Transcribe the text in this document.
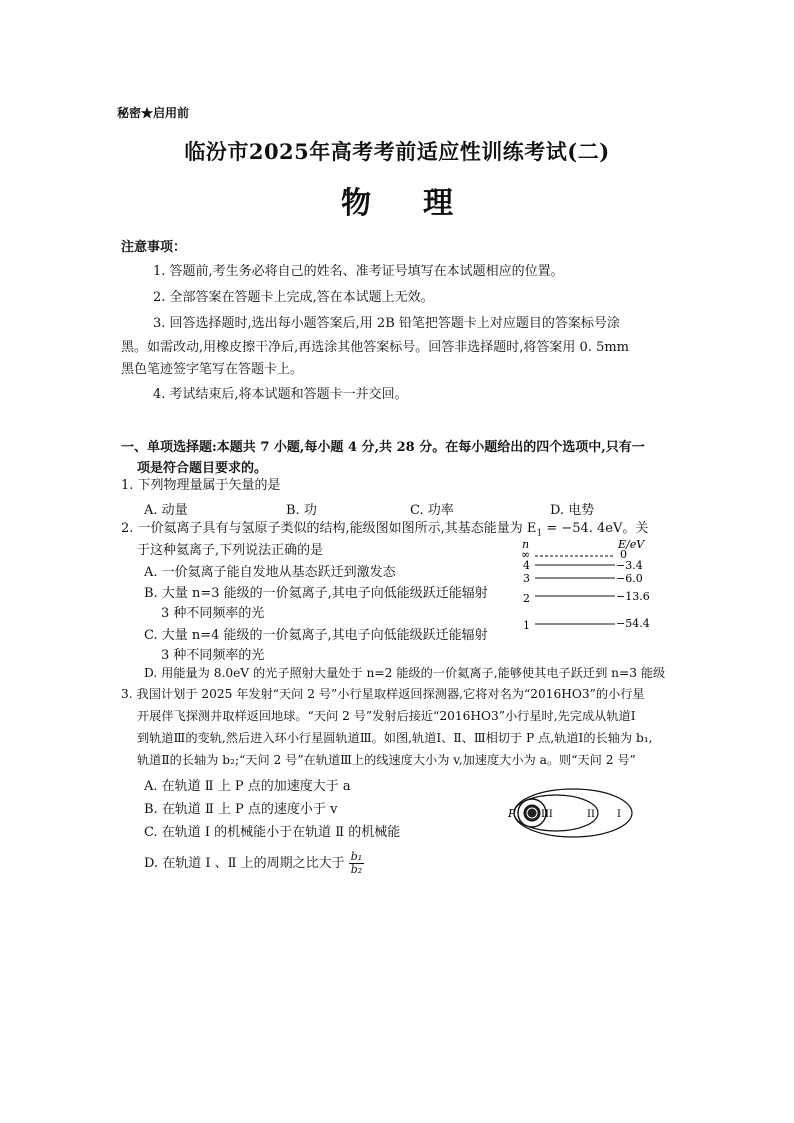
秘密★启用前
临汾市2025年高考考前适应性训练考试(二)
物理
注意事项：
1. 答题前,考生务必将自己的姓名、准考证号填写在本试题相应的位置。
2. 全部答案在答题卡上完成,答在本试题上无效。
3. 回答选择题时,选出每小题答案后,用 2B 铅笔把答题卡上对应题目的答案标号涂
黑。如需改动,用橡皮擦干净后,再选涂其他答案标号。回答非选择题时,将答案用 0. 5mm
黑色笔迹签字笔写在答题卡上。
4. 考试结束后,将本试题和答题卡一并交回。
一、单项选择题:本题共 7 小题,每小题 4 分,共 28 分。在每小题给出的四个选项中,只有一
项是符合题目要求的。
1. 下列物理量属于矢量的是
A. 动量	B. 功	C. 功率	D. 电势
2. 一价氦离子具有与氢原子类似的结构,能级图如图所示,其基态能量为 $E_1 = -54$. 4eV。关
于这种氦离子,下列说法正确的是
A. 一价氦离子能自发地从基态跃迁到激发态
B. 大量 n=3 能级的一价氦离子,其电子向低能级跃迁能辐射
3 种不同频率的光
C. 大量 n=4 能级的一价氦离子,其电子向低能级跃迁能辐射
3 种不同频率的光
D. 用能量为 8.0eV 的光子照射大量处于 n=2 能级的一价氦离子,能够使其电子跃迁到 n=3 能级
n	E/eV
∞	0
4	−3.4
3	−6.0
2	−13.6
1	−54.4
3. 我国计划于 2025 年发射“天问 2 号”小行星取样返回探测器,它将对名为“2016HO3”的小行星
开展伴飞探测并取样返回地球。“天问 2 号”发射后接近“2016HO3”小行星时,先完成从轨道Ⅰ
到轨道Ⅲ的变轨,然后进入环小行星圆轨道Ⅲ。如图,轨道Ⅰ、Ⅱ、Ⅲ相切于 P 点,轨道Ⅰ的长轴为 b₁,
轨道Ⅱ的长轴为 b₂;“天问 2 号”在轨道Ⅲ上的线速度大小为 v,加速度大小为 a。则“天问 2 号”
A. 在轨道 Ⅱ 上 P 点的加速度大于 a
B. 在轨道 Ⅱ 上 P 点的速度小于 v
C. 在轨道 Ⅰ 的机械能小于在轨道 Ⅱ 的机械能
D. 在轨道 Ⅰ 、Ⅱ 上的周期之比大于 $\frac{\text{b₁}}{\text{b₂}}$
P	III	II I
